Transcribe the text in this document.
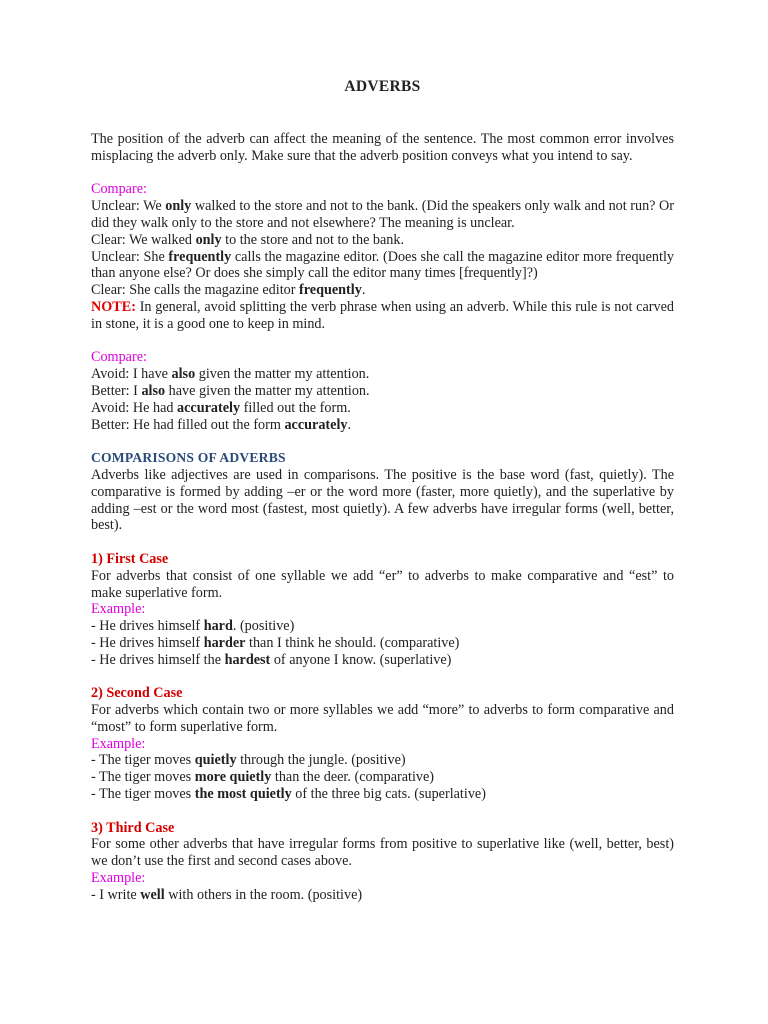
ADVERBS

The position of the adverb can affect the meaning of the sentence. The most common error involves misplacing the adverb only. Make sure that the adverb position conveys what you intend to say.

Compare:

Unclear: We only walked to the store and not to the bank. (Did the speakers only walk and not run? Or did they walk only to the store and not elsewhere? The meaning is unclear.

Clear: We walked only to the store and not to the bank.

Unclear: She frequently calls the magazine editor. (Does she call the magazine editor more frequently than anyone else? Or does she simply call the editor many times [frequently]?)

Clear: She calls the magazine editor frequently.

NOTE: In general, avoid splitting the verb phrase when using an adverb. While this rule is not carved in stone, it is a good one to keep in mind.

Compare:

Avoid: I have also given the matter my attention.

Better: I also have given the matter my attention.

Avoid: He had accurately filled out the form.

Better: He had filled out the form accurately.

COMPARISONS OF ADVERBS

Adverbs like adjectives are used in comparisons. The positive is the base word (fast, quietly). The comparative is formed by adding –er or the word more (faster, more quietly), and the superlative by adding –est or the word most (fastest, most quietly). A few adverbs have irregular forms (well, better, best).

1) First Case

For adverbs that consist of one syllable we add “er” to adverbs to make comparative and “est” to make superlative form.

Example:

- He drives himself hard. (positive)

- He drives himself harder than I think he should. (comparative)

- He drives himself the hardest of anyone I know. (superlative)

2) Second Case

For adverbs which contain two or more syllables we add “more” to adverbs to form comparative and “most” to form superlative form.

Example:

- The tiger moves quietly through the jungle. (positive)

- The tiger moves more quietly than the deer. (comparative)

- The tiger moves the most quietly of the three big cats. (superlative)

3) Third Case

For some other adverbs that have irregular forms from positive to superlative like (well, better, best) we don’t use the first and second cases above.

Example:

- I write well with others in the room. (positive)
